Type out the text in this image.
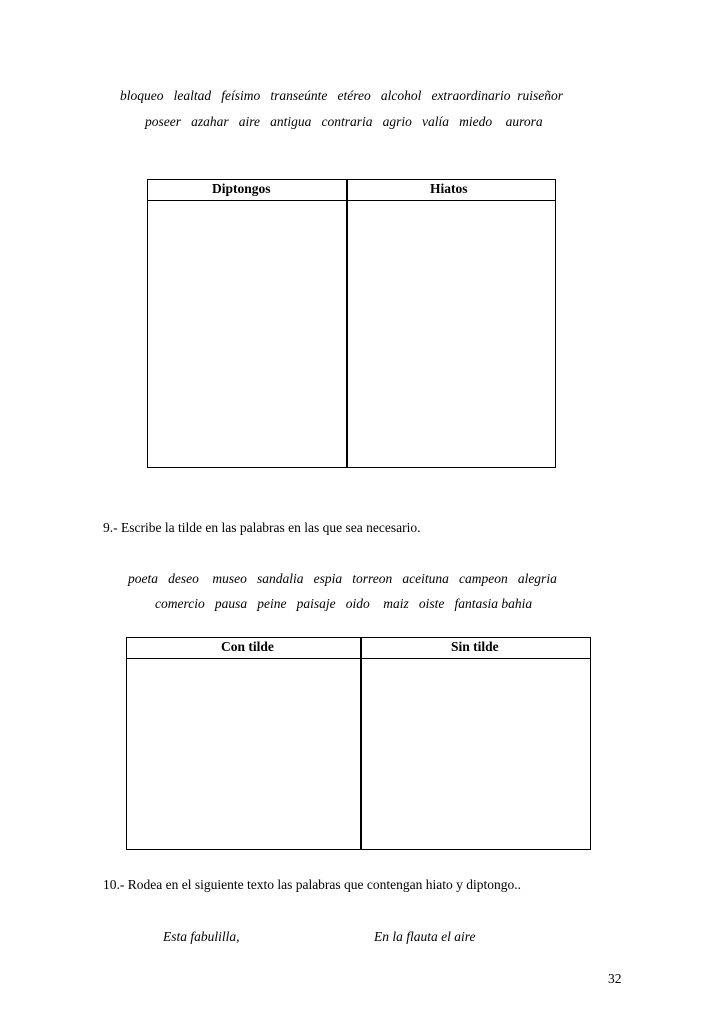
bloqueo   lealtad   feísimo   transeúnte   etéreo   alcohol   extraordinario  ruiseñor
poseer   azahar   aire   antigua   contraria   agrio   valía   miedo    aurora
Diptongos	Hiatos
9.- Escribe la tilde en las palabras en las que sea necesario.
poeta   deseo    museo   sandalia   espia   torreon   aceituna   campeon   alegria
comercio   pausa   peine   paisaje   oido    maiz   oiste   fantasia bahia
Con tilde	Sin tilde
10.- Rodea en el siguiente texto las palabras que contengan hiato y diptongo..
Esta fabulilla,	En la flauta el aire
32
